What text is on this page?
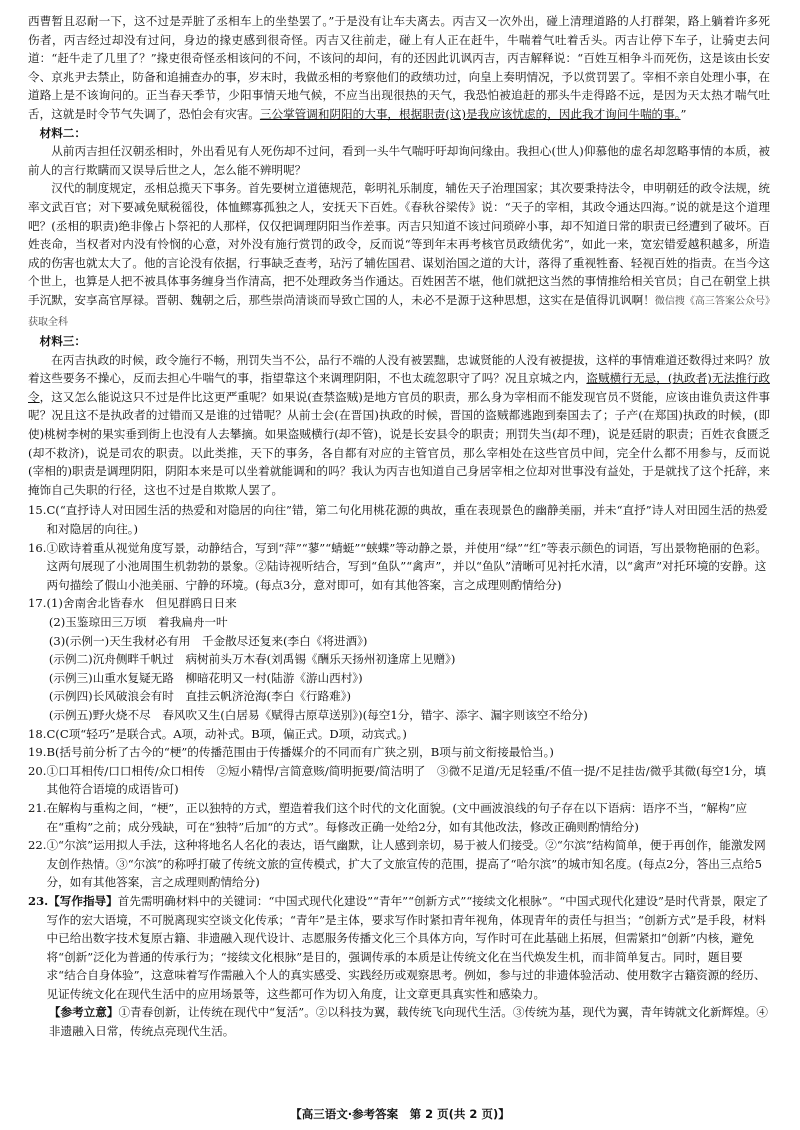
西曹暂且忍耐一下，这不过是弄脏了丞相车上的坐垫罢了。”于是没有让车夫离去。丙吉又一次外出，碰上清理道路的人打群架，路上躺着许多死伤者，丙吉经过却没有过问，身边的掾吏感到很奇怪。丙吉又往前走，碰上有人正在赶牛，牛喘着气吐着舌头。丙吉让停下车子，让骑吏去问道：“赶牛走了几里了？”掾吏很奇怪丞相该问的不问，不该问的却问，有的还因此讥讽丙吉，丙吉解释说：“百姓互相争斗而死伤，这是该由长安令、京兆尹去禁止，防备和追捕查办的事，岁末时，我做丞相的考察他们的政绩功过，向皇上奏明情况，予以赏罚罢了。宰相不亲自处理小事，在道路上是不该询问的。正当春天季节，少阳事情天地气候，不应当出现很热的天气，我恐怕被追赶的那头牛走得路不远，是因为天太热才喘气吐舌，这就是时令节气失调了，恐怕会有灾害。三公掌管调和阴阳的大事，根据职责(这)是我应该忧虑的，因此我才询问牛喘的事。”

材料二：

从前丙吉担任汉朝丞相时，外出看见有人死伤却不过问，看到一头牛气喘吁吁却询问缘由。我担心(世人)仰慕他的虚名却忽略事情的本质，被前人的言行欺瞒而又误导后世之人，怎么能不辨明呢？

汉代的制度规定，丞相总揽天下事务。首先要树立道德规范，彰明礼乐制度，辅佐天子治理国家；其次要秉持法令，申明朝廷的政令法规，统率文武百官；对下要减免赋税徭役，体恤鳏寡孤独之人，安抚天下百姓。《春秋谷梁传》说：“天子的宰相，其政令通达四海。”说的就是这个道理吧？(丞相的职责)绝非像占卜祭祀的人那样，仅仅把调理阴阳当作差事。丙吉只知道不该过问琐碎小事，却不知道日常的职责已经遭到了破坏。百姓丧命，当权者对内没有怜悯的心意，对外没有施行赏罚的政令，反而说“等到年末再考核官员政绩优劣”，如此一来，宽宏错爱越积越多，所造成的伤害也就太大了。他的言论没有依据，行事缺乏查考，玷污了辅佐国君、谋划治国之道的大计，落得了重视牲畜、轻视百姓的指责。在当今这个世上，也算是人把不被具体事务缠身当作清高，把不处理政务当作通达。百姓困苦不堪，他们就把这当然的事情推给相关官员；自己在朝堂上拱手沉默，安享高官厚禄。晋朝、魏朝之后，那些崇尚清谈而导致亡国的人，未必不是源于这种思想，这实在是值得讥讽啊！微信搜《高三答案公众号》获取全科

材料三：

在丙吉执政的时候，政令施行不畅，刑罚失当不公，品行不端的人没有被罢黜，忠诚贤能的人没有被提拔，这样的事情难道还数得过来吗？放着这些要务不操心，反而去担心牛喘气的事，指望靠这个来调理阴阳，不也太疏忽职守了吗？况且京城之内，盗贼横行无忌，(执政者)无法推行政令，这又怎么能说这只不过是件比这更严重呢？如果说(查禁盗贼)是地方官员的职责，那么身为宰相而不能发现官员不贤能，应该由谁负责这件事呢？况且这不是执政者的过错而又是谁的过错呢？从前士会(在晋国)执政的时候，晋国的盗贼都逃跑到秦国去了；子产(在郑国)执政的时候，(即使)桃树李树的果实垂到街上也没有人去攀摘。如果盗贼横行(却不管)，说是长安县令的职责；刑罚失当(却不理)，说是廷尉的职责；百姓衣食匮乏(却不救济)，说是司农的职责。以此类推，天下的事务，各自都有对应的主管官员，那么宰相处在这些官员中间，完全什么都不用参与，反而说(宰相的)职责是调理阴阳，阴阳本来是可以坐着就能调和的吗？我认为丙吉也知道自己身居宰相之位却对世事没有益处，于是就找了这个托辞，来掩饰自己失职的行径，这也不过是自欺欺人罢了。

15.C(“直抒诗人对田园生活的热爱和对隐居的向往”错，第二句化用桃花源的典故，重在表现景色的幽静美丽，并未“直抒”诗人对田园生活的热爱和对隐居的向往。)

16.①欧诗着重从视觉角度写景，动静结合，写到“萍”“蓼”“蜻蜓”“蛱蝶”等动静之景，并使用“绿”“红”等表示颜色的词语，写出景物艳丽的色彩。这两句展现了小池周围生机勃勃的景象。②陆诗视听结合，写到“鱼队”“禽声”，并以“鱼队”清晰可见衬托水清，以“禽声”对托环境的安静。这两句描绘了假山小池美丽、宁静的环境。(每点3分，意对即可，如有其他答案，言之成理则酌情给分)

17.(1)舍南舍北皆春水　但见群鸥日日来

(2)玉鉴琼田三万顷　着我扁舟一叶

(3)(示例一)天生我材必有用　千金散尽还复来(李白《将进酒》)

(示例二)沉舟侧畔千帆过　病树前头万木春(刘禹锡《酬乐天扬州初逢席上见赠》)

(示例三)山重水复疑无路　柳暗花明又一村(陆游《游山西村》)

(示例四)长风破浪会有时　直挂云帆济沧海(李白《行路难》)

(示例五)野火烧不尽　春风吹又生(白居易《赋得古原草送别》)(每空1分，错字、添字、漏字则该空不给分)

18.C(C项“轻巧”是联合式。A项，动补式。B项，偏正式。D项，动宾式。)

19.B(括号前分析了古今的“梗”的传播范围由于传播媒介的不同而有广狭之别，B项与前文衔接最恰当。)

20.①口耳相传/口口相传/众口相传　②短小精悍/言简意赅/简明扼要/简洁明了　③微不足道/无足轻重/不值一提/不足挂齿/微乎其微(每空1分，填其他符合语境的成语皆可)

21.在解构与重构之间，“梗”，正以独特的方式，塑造着我们这个时代的文化面貌。(文中画波浪线的句子存在以下语病：语序不当，“解构”应在“重构”之前；成分残缺，可在“独特”后加“的方式”。每修改正确一处给2分，如有其他改法，修改正确则酌情给分)

22.①“尔滨”运用拟人手法，这种将地名人名化的表达，语气幽默，让人感到亲切，易于被人们接受。②“尔滨”结构简单，便于再创作，能激发网友创作热情。③“尔滨”的称呼打破了传统文旅的宣传模式，扩大了文旅宣传的范围，提高了“哈尔滨”的城市知名度。(每点2分，答出三点给5分，如有其他答案，言之成理则酌情给分)

23.【写作指导】首先需明确材料中的关键词：“中国式现代化建设”“青年”“创新方式”“接续文化根脉”。“中国式现代化建设”是时代背景，限定了写作的宏大语境，不可脱离现实空谈文化传承；“青年”是主体，要求写作时紧扣青年视角，体现青年的责任与担当；“创新方式”是手段，材料中已给出数字技术复原古籍、非遗融入现代设计、志愿服务传播文化三个具体方向，写作时可在此基础上拓展，但需紧扣“创新”内核，避免将“创新”泛化为普通的传承行为；“接续文化根脉”是目的，强调传承的本质是让传统文化在当代焕发生机，而非简单复古。同时，题目要求“结合自身体验”，这意味着写作需融入个人的真实感受、实践经历或观察思考。例如，参与过的非遗体验活动、使用数字古籍资源的经历、见证传统文化在现代生活中的应用场景等，这些都可作为切入角度，让文章更具真实性和感染力。

【参考立意】①青春创新，让传统在现代中“复活”。②以科技为翼，载传统飞向现代生活。③传统为基，现代为翼，青年铸就文化新辉煌。④非遗融入日常，传统点亮现代生活。

【高三语文·参考答案　第 2 页(共 2 页)】
